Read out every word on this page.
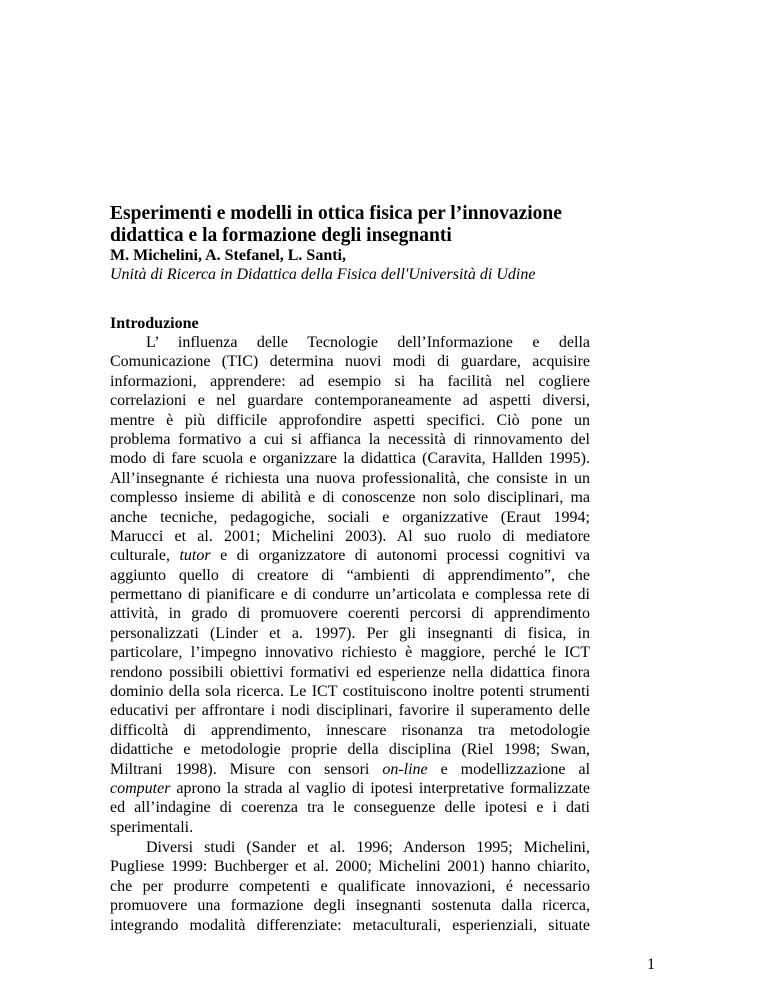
Esperimenti e modelli in ottica fisica per l’innovazione didattica e la formazione degli insegnanti
M. Michelini, A. Stefanel, L. Santi,
Unità di Ricerca in Didattica della Fisica dell'Università di Udine
Introduzione
L’ influenza delle Tecnologie dell’Informazione e della
Comunicazione (TIC) determina nuovi modi di guardare, acquisire
informazioni, apprendere: ad esempio si ha facilità nel cogliere
correlazioni e nel guardare contemporaneamente ad aspetti diversi,
mentre è più difficile approfondire aspetti specifici. Ciò pone un
problema formativo a cui si affianca la necessità di rinnovamento del
modo di fare scuola e organizzare la didattica (Caravita, Hallden 1995).
All’insegnante é richiesta una nuova professionalità, che consiste in un
complesso insieme di abilità e di conoscenze non solo disciplinari, ma
anche tecniche, pedagogiche, sociali e organizzative (Eraut 1994;
Marucci et al. 2001; Michelini 2003). Al suo ruolo di mediatore
culturale, tutor e di organizzatore di autonomi processi cognitivi va
aggiunto quello di creatore di “ambienti di apprendimento”, che
permettano di pianificare e di condurre un’articolata e complessa rete di
attività, in grado di promuovere coerenti percorsi di apprendimento
personalizzati (Linder et a. 1997). Per gli insegnanti di fisica, in
particolare, l’impegno innovativo richiesto è maggiore, perché le ICT
rendono possibili obiettivi formativi ed esperienze nella didattica finora
dominio della sola ricerca. Le ICT costituiscono inoltre potenti strumenti
educativi per affrontare i nodi disciplinari, favorire il superamento delle
difficoltà di apprendimento, innescare risonanza tra metodologie
didattiche e metodologie proprie della disciplina (Riel 1998; Swan,
Miltrani 1998). Misure con sensori on-line e modellizzazione al
computer aprono la strada al vaglio di ipotesi interpretative formalizzate
ed all’indagine di coerenza tra le conseguenze delle ipotesi e i dati
sperimentali.
Diversi studi (Sander et al. 1996; Anderson 1995; Michelini,
Pugliese 1999: Buchberger et al. 2000; Michelini 2001) hanno chiarito,
che per produrre competenti e qualificate innovazioni, é necessario
promuovere una formazione degli insegnanti sostenuta dalla ricerca,
integrando modalità differenziate: metaculturali, esperienziali, situate
1
